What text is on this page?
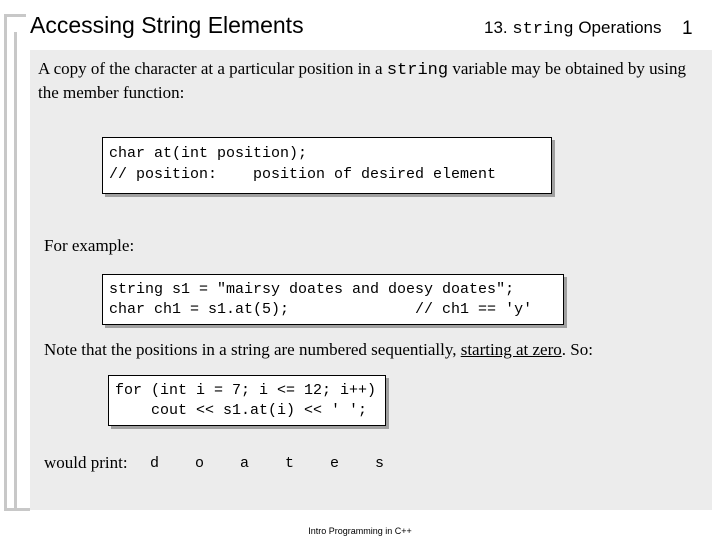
Accessing String Elements	13. string Operations 1
A copy of the character at a particular position in a string variable may be obtained by using the member function:
char at(int position);
// position:    position of desired element
For example:
string s1 = "mairsy doates and doesy doates";
char ch1 = s1.at(5);              // ch1 == 'y'
Note that the positions in a string are numbered sequentially, starting at zero. So:
for (int i = 7; i <= 12; i++)
cout << s1.at(i) << ' ';
would print: d    o    a    t    e    s
Intro Programming in C++
